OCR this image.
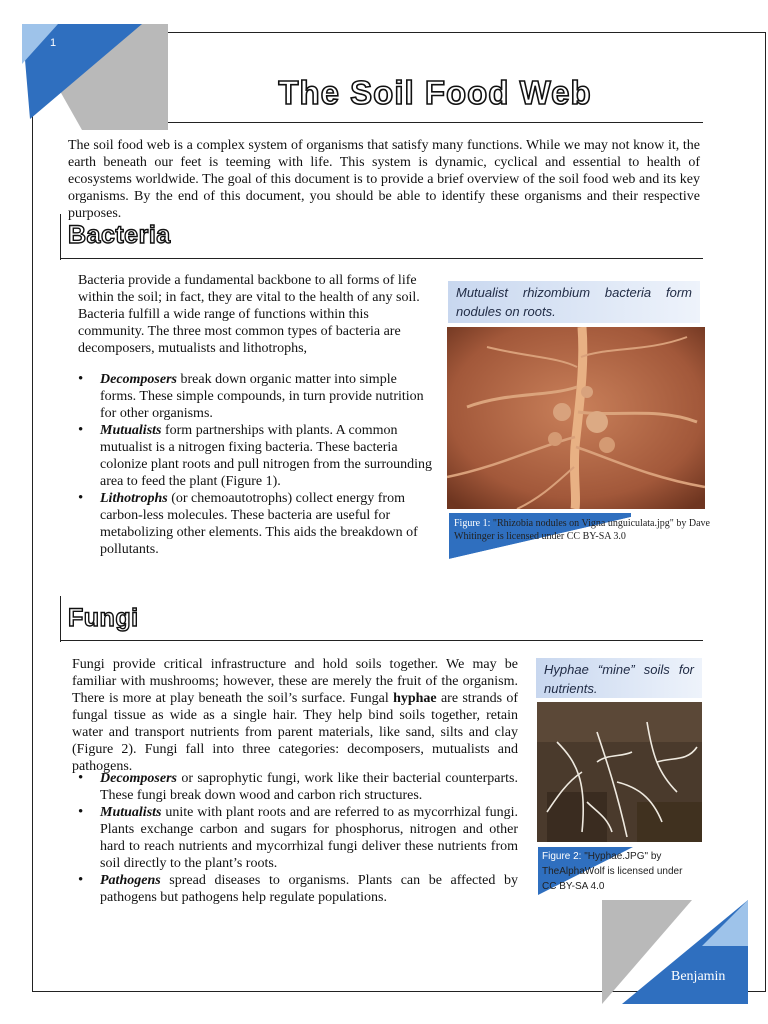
1
The Soil Food Web

The soil food web is a complex system of organisms that satisfy many functions. While we may not know it, the earth beneath our feet is teeming with life. This system is dynamic, cyclical and essential to health of ecosystems worldwide. The goal of this document is to provide a brief overview of the soil food web and its key organisms. By the end of this document, you should be able to identify these organisms and their respective purposes.

Bacteria

Bacteria provide a fundamental backbone to all forms of life within the soil; in fact, they are vital to the health of any soil. Bacteria fulfill a wide range of functions within this community. The three most common types of bacteria are decomposers, mutualists and lithotrophs,

• Decomposers break down organic matter into simple forms. These simple compounds, in turn provide nutrition for other organisms.
• Mutualists form partnerships with plants. A common mutualist is a nitrogen fixing bacteria. These bacteria colonize plant roots and pull nitrogen from the surrounding area to feed the plant (Figure 1).
• Lithotrophs (or chemoautotrophs) collect energy from carbon-less molecules. These bacteria are useful for metabolizing other elements. This aids the breakdown of pollutants.
Mutualist rhizombium bacteria form nodules on roots.
Figure 1: "Rhizobia nodules on Vigna unguiculata.jpg" by Dave Whitinger is licensed under CC BY-SA 3.0
Fungi

Fungi provide critical infrastructure and hold soils together. We may be familiar with mushrooms; however, these are merely the fruit of the organism. There is more at play beneath the soil’s surface. Fungal hyphae are strands of fungal tissue as wide as a single hair. They help bind soils together, retain water and transport nutrients from parent materials, like sand, silts and clay (Figure 2). Fungi fall into three categories: decomposers, mutualists and pathogens.

• Decomposers or saprophytic fungi, work like their bacterial counterparts. These fungi break down wood and carbon rich structures.
• Mutualists unite with plant roots and are referred to as mycorrhizal fungi. Plants exchange carbon and sugars for phosphorus, nitrogen and other hard to reach nutrients and mycorrhizal fungi deliver these nutrients from soil directly to the plant’s roots.
• Pathogens spread diseases to organisms. Plants can be affected by pathogens but pathogens help regulate populations.
Hyphae “mine” soils for nutrients.
Figure 2: "Hyphae.JPG" by TheAlphaWolf is licensed under CC BY-SA 4.0
Benjamin
